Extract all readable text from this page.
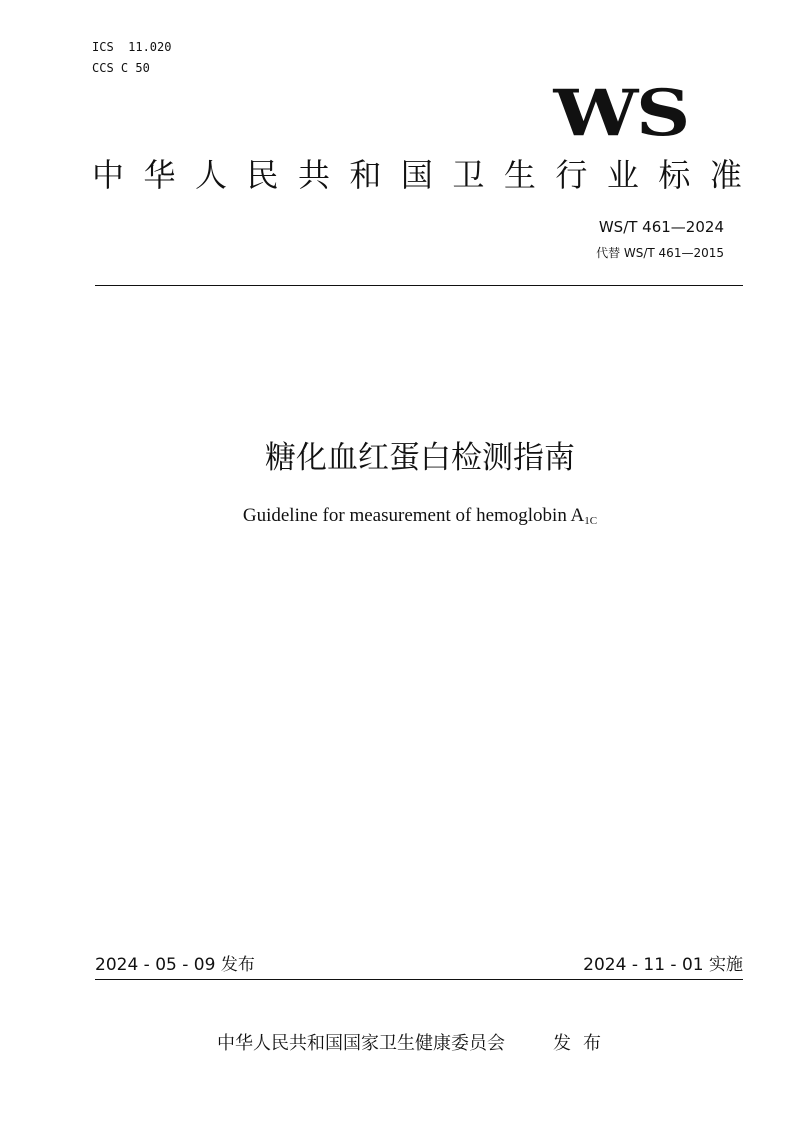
ICS  11.020
CCS C 50
WS
中 华 人 民 共 和 国 卫 生 行 业 标 准
WS/T 461—2024
代替 WS/T 461—2015
糖化血红蛋白检测指南
Guideline for measurement of hemoglobin A1C
2024 - 05 - 09 发布	2024 - 11 - 01 实施
中华人民共和国国家卫生健康委员会	发布
